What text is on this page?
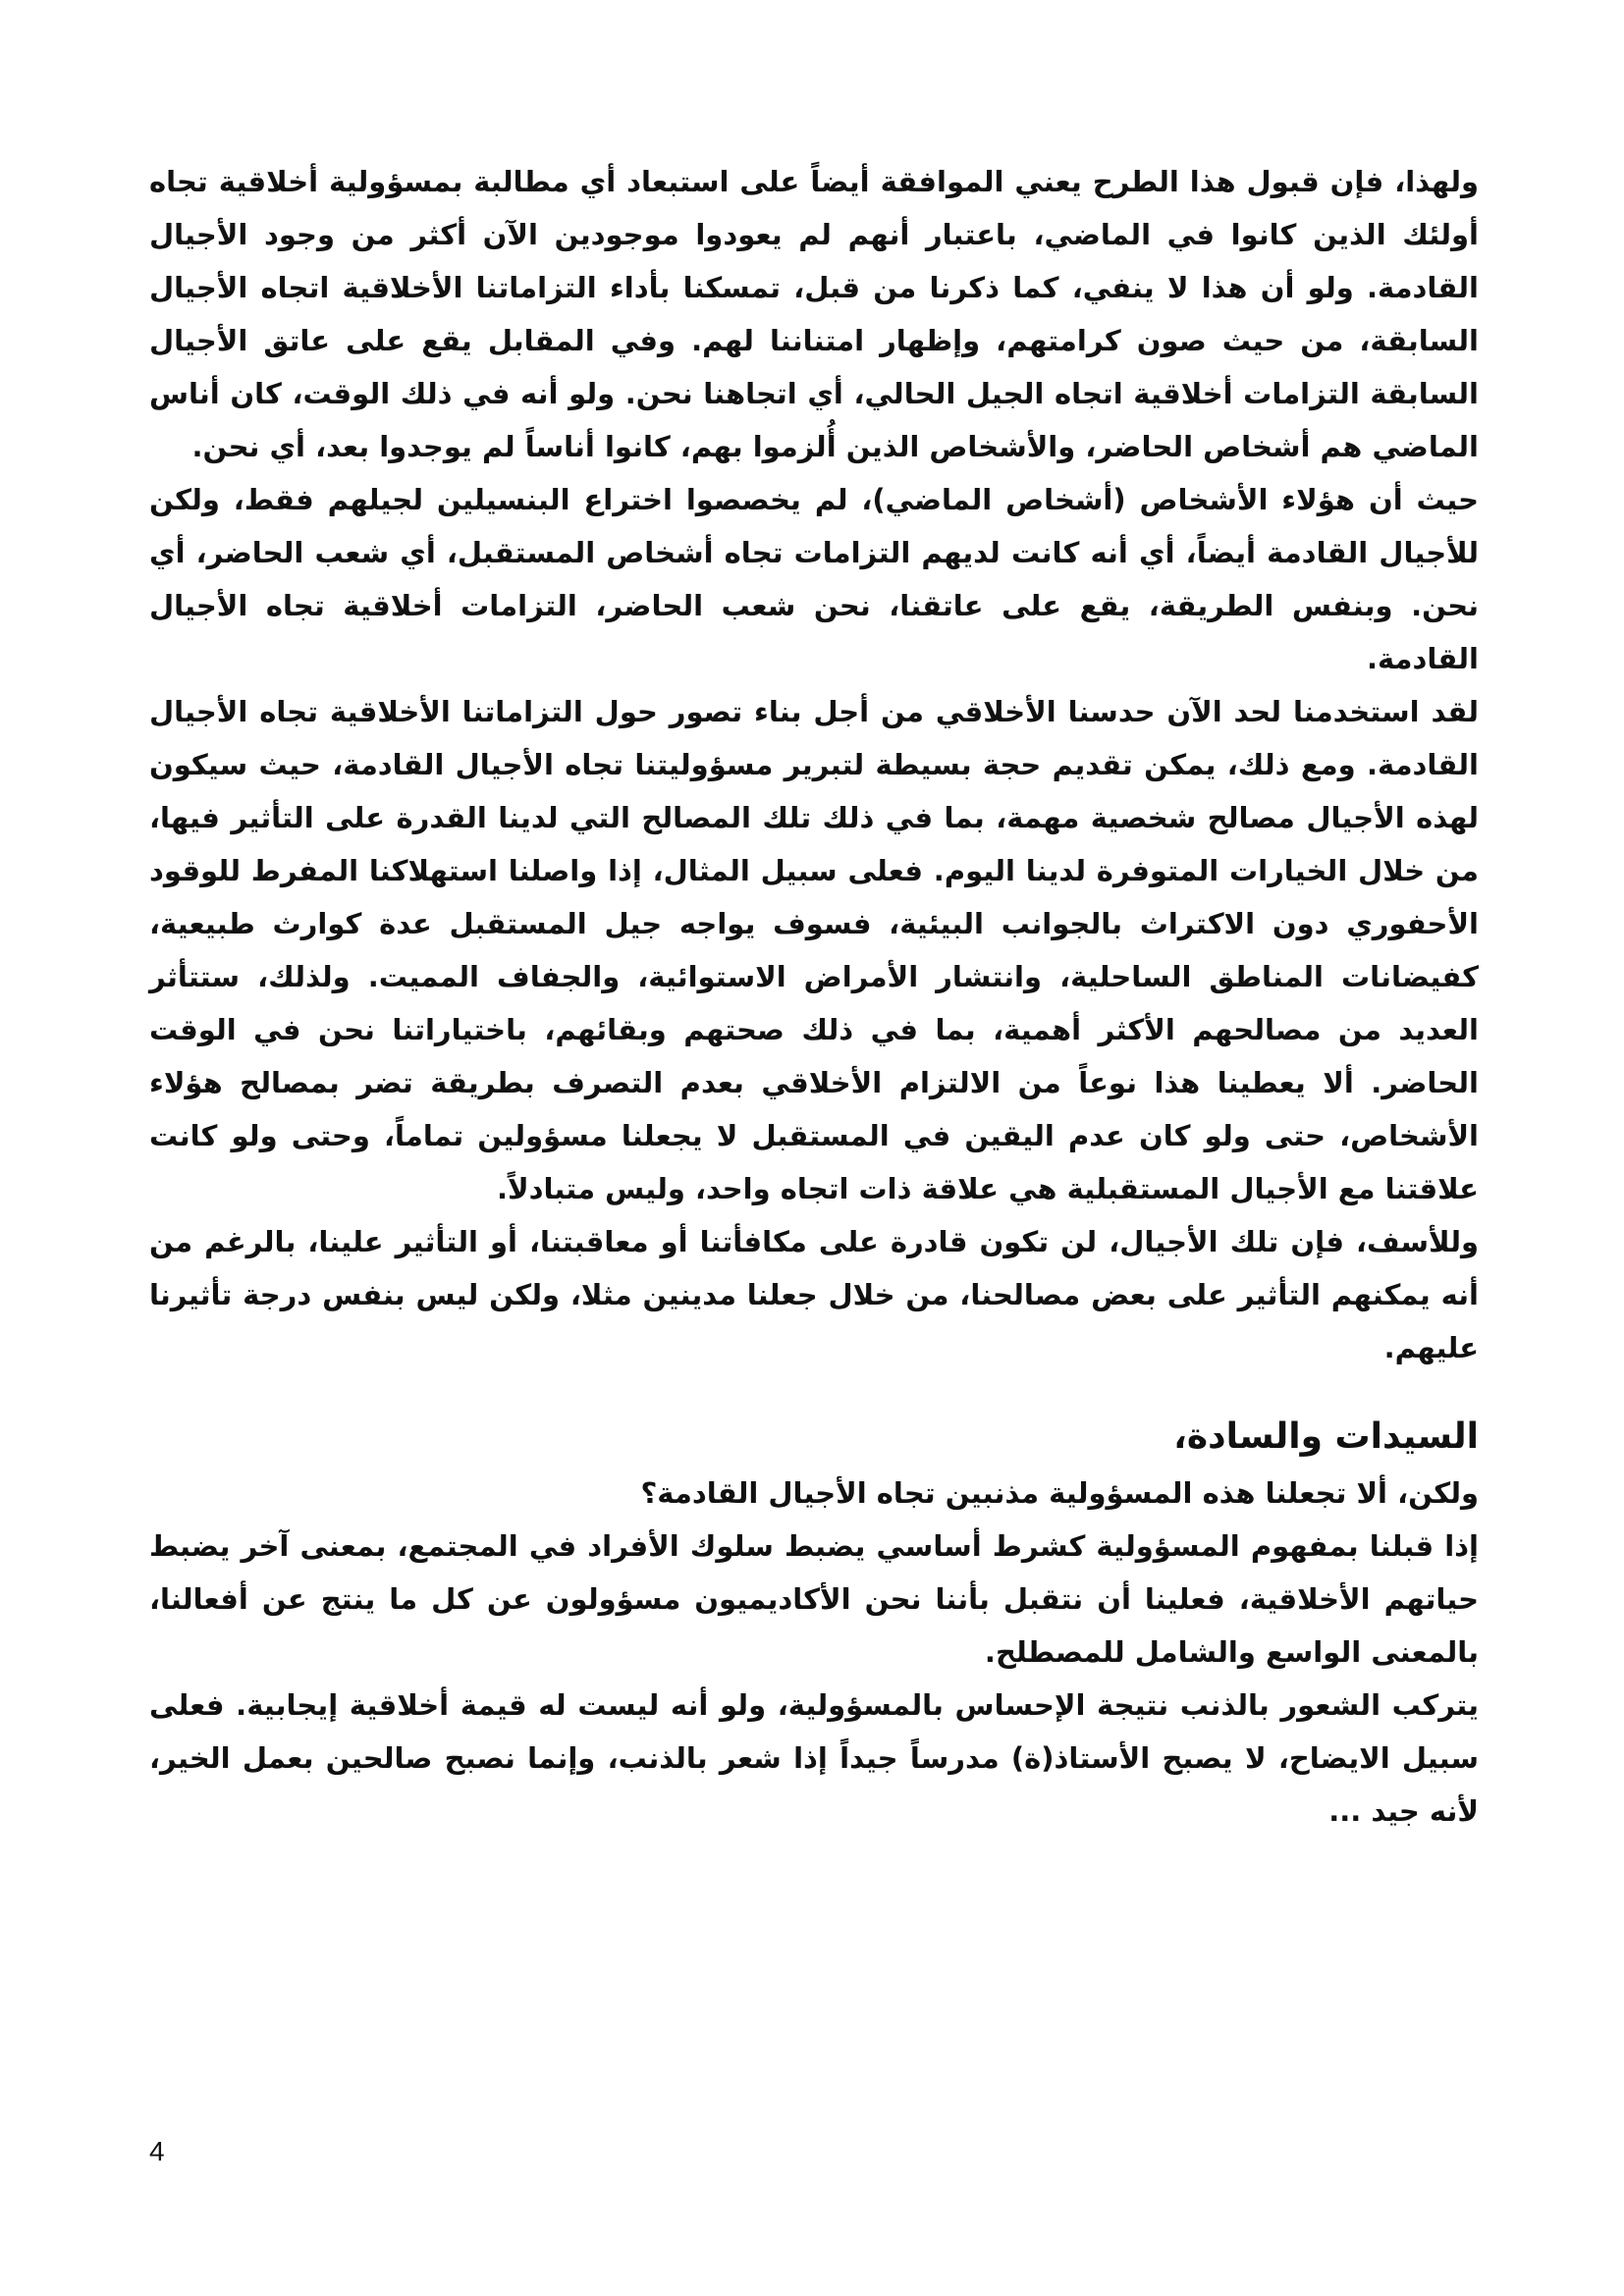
ولهذا، فإن قبول هذا الطرح يعني الموافقة أيضاً على استبعاد أي مطالبة بمسؤولية أخلاقية تجاه أولئك الذين كانوا في الماضي، باعتبار أنهم لم يعودوا موجودين الآن أكثر من وجود الأجيال القادمة. ولو أن هذا لا ينفي، كما ذكرنا من قبل، تمسكنا بأداء التزاماتنا الأخلاقية اتجاه الأجيال السابقة، من حيث صون كرامتهم، وإظهار امتناننا لهم. وفي المقابل يقع على عاتق الأجيال السابقة التزامات أخلاقية اتجاه الجيل الحالي، أي اتجاهنا نحن. ولو أنه في ذلك الوقت، كان أناس الماضي هم أشخاص الحاضر، والأشخاص الذين أُلزموا بهم، كانوا أناساً لم يوجدوا بعد، أي نحن.

حيث أن هؤلاء الأشخاص (أشخاص الماضي)، لم يخصصوا اختراع البنسيلين لجيلهم فقط، ولكن للأجيال القادمة أيضاً، أي أنه كانت لديهم التزامات تجاه أشخاص المستقبل، أي شعب الحاضر، أي نحن. وبنفس الطريقة، يقع على عاتقنا، نحن شعب الحاضر، التزامات أخلاقية تجاه الأجيال القادمة.

لقد استخدمنا لحد الآن حدسنا الأخلاقي من أجل بناء تصور حول التزاماتنا الأخلاقية تجاه الأجيال القادمة. ومع ذلك، يمكن تقديم حجة بسيطة لتبرير مسؤوليتنا تجاه الأجيال القادمة، حيث سيكون لهذه الأجيال مصالح شخصية مهمة، بما في ذلك تلك المصالح التي لدينا القدرة على التأثير فيها، من خلال الخيارات المتوفرة لدينا اليوم. فعلى سبيل المثال، إذا واصلنا استهلاكنا المفرط للوقود الأحفوري دون الاكتراث بالجوانب البيئية، فسوف يواجه جيل المستقبل عدة كوارث طبيعية، كفيضانات المناطق الساحلية، وانتشار الأمراض الاستوائية، والجفاف المميت. ولذلك، ستتأثر العديد من مصالحهم الأكثر أهمية، بما في ذلك صحتهم وبقائهم، باختياراتنا نحن في الوقت الحاضر. ألا يعطينا هذا نوعاً من الالتزام الأخلاقي بعدم التصرف بطريقة تضر بمصالح هؤلاء الأشخاص، حتى ولو كان عدم اليقين في المستقبل لا يجعلنا مسؤولين تماماً، وحتى ولو كانت علاقتنا مع الأجيال المستقبلية هي علاقة ذات اتجاه واحد، وليس متبادلاً.

وللأسف، فإن تلك الأجيال، لن تكون قادرة على مكافأتنا أو معاقبتنا، أو التأثير علينا، بالرغم من أنه يمكنهم التأثير على بعض مصالحنا، من خلال جعلنا مدينين مثلا، ولكن ليس بنفس درجة تأثيرنا عليهم.

السيدات والسادة،

ولكن، ألا تجعلنا هذه المسؤولية مذنبين تجاه الأجيال القادمة؟

إذا قبلنا بمفهوم المسؤولية كشرط أساسي يضبط سلوك الأفراد في المجتمع، بمعنى آخر يضبط حياتهم الأخلاقية، فعلينا أن نتقبل بأننا نحن الأكاديميون مسؤولون عن كل ما ينتج عن أفعالنا، بالمعنى الواسع والشامل للمصطلح.

يتركب الشعور بالذنب نتيجة الإحساس بالمسؤولية، ولو أنه ليست له قيمة أخلاقية إيجابية. فعلى سبيل الايضاح، لا يصبح الأستاذ(ة) مدرساً جيداً إذا شعر بالذنب، وإنما نصبح صالحين بعمل الخير، لأنه جيد ...

4
